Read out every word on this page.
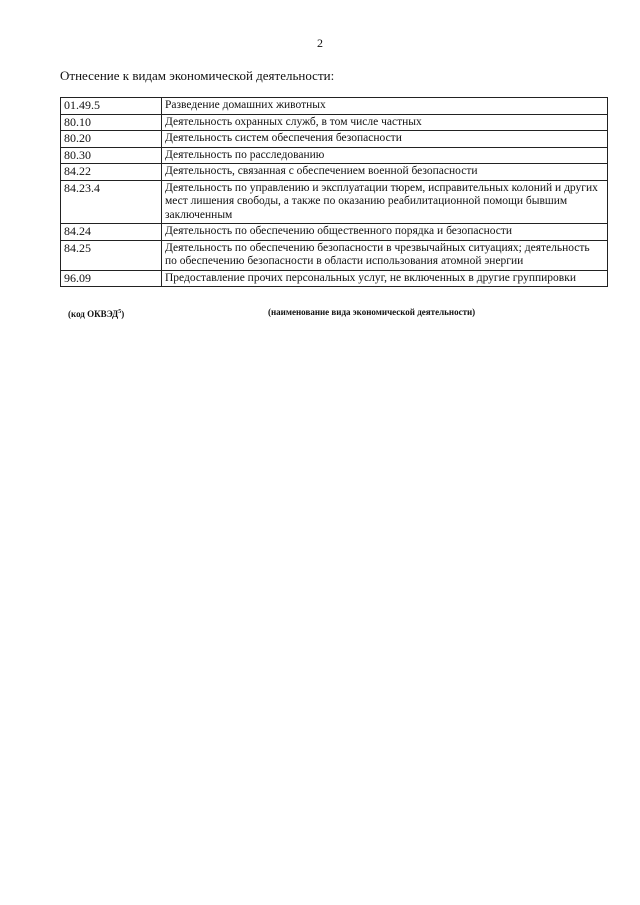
2
Отнесение к видам экономической деятельности:
01.49.5	Разведение домашних животных
80.10	Деятельность охранных служб, в том числе частных
80.20	Деятельность систем обеспечения безопасности
80.30	Деятельность по расследованию
84.22	Деятельность, связанная с обеспечением военной безопасности
84.23.4	Деятельность по управлению и эксплуатации тюрем, исправительных колоний и других мест лишения свободы, а также по оказанию реабилитационной помощи бывшим заключенным
84.24	Деятельность по обеспечению общественного порядка и безопасности
84.25	Деятельность по обеспечению безопасности в чрезвычайных ситуациях; деятельность по обеспечению безопасности в области использования атомной энергии
96.09	Предоставление прочих персональных услуг, не включенных в другие группировки
(код ОКВЭД$^5$)	(наименование вида экономической деятельности)
